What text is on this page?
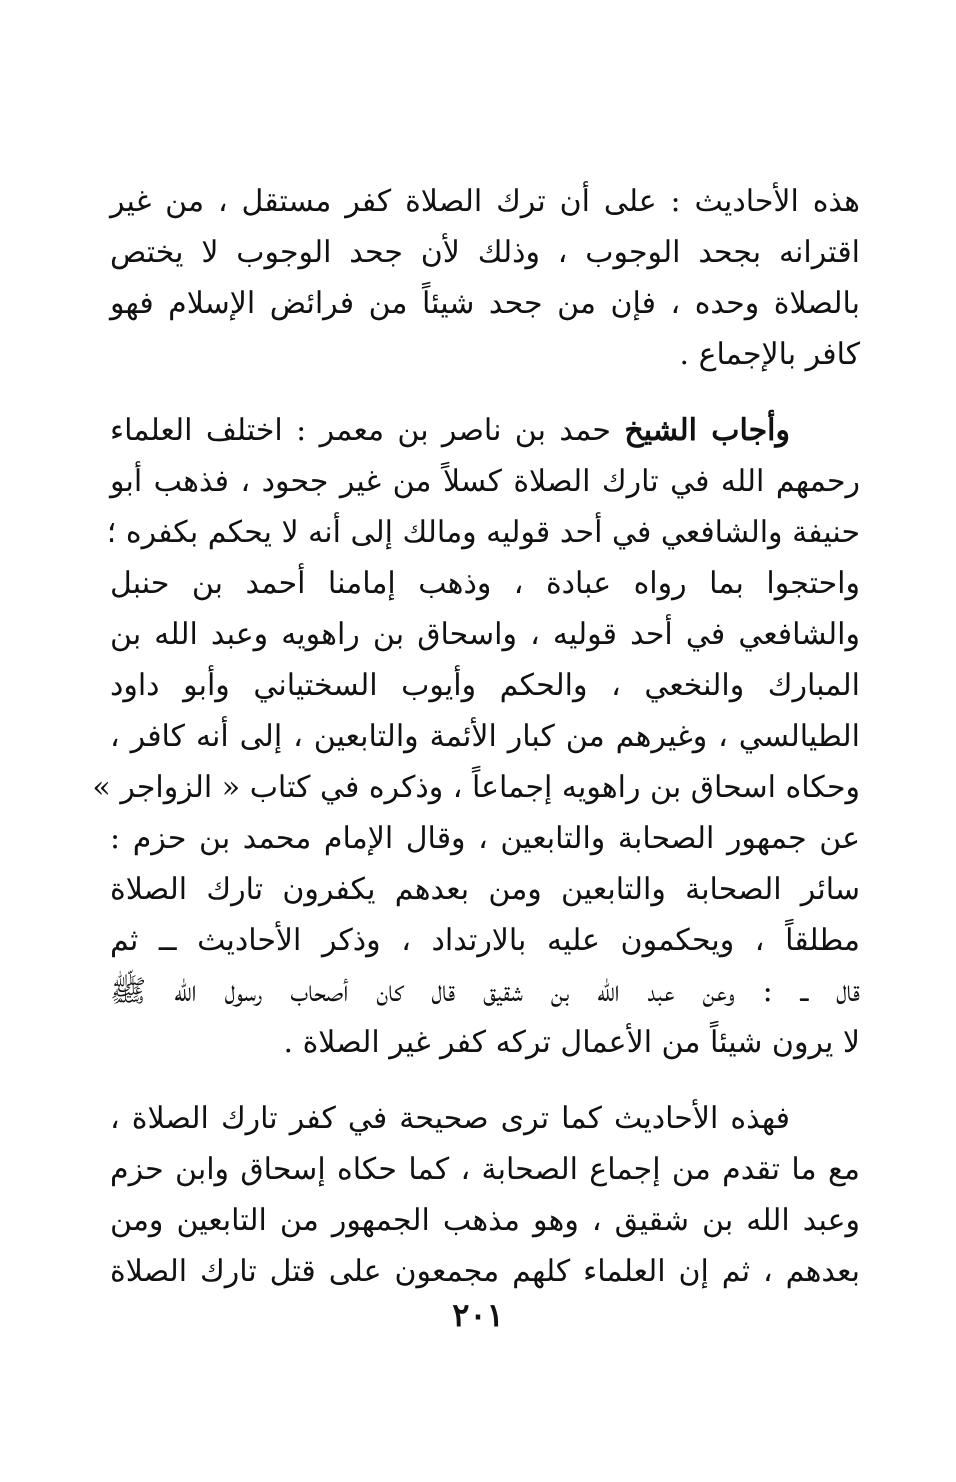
هذه الأحاديث : على أن ترك الصلاة كفر مستقل ، من غير
اقترانه بجحد الوجوب ، وذلك لأن جحد الوجوب لا يختص
بالصلاة وحده ، فإن من جحد شيئاً من فرائض الإسلام فهو
كافر بالإجماع .
وأجاب الشيخ حمد بن ناصر بن معمر : اختلف العلماء
رحمهم الله في تارك الصلاة كسلاً من غير جحود ، فذهب أبو
حنيفة والشافعي في أحد قوليه ومالك إلى أنه لا يحكم بكفره ؛
واحتجوا بما رواه عبادة ، وذهب إمامنا أحمد بن حنبل
والشافعي في أحد قوليه ، واسحاق بن راهويه وعبد الله بن
المبارك والنخعي ، والحكم وأيوب السختياني وأبو داود
الطيالسي ، وغيرهم من كبار الأئمة والتابعين ، إلى أنه كافر ،
وحكاه اسحاق بن راهويه إجماعاً ، وذكره في كتاب « الزواجر »
عن جمهور الصحابة والتابعين ، وقال الإمام محمد بن حزم :
سائر الصحابة والتابعين ومن بعدهم يكفرون تارك الصلاة
مطلقاً ، ويحكمون عليه بالارتداد ، وذكر الأحاديث ــ ثم
قال ــ : وعن عبد الله بن شقيق قال كان أصحاب رسول الله ﷺ
لا يرون شيئاً من الأعمال تركه كفر غير الصلاة .
فهذه الأحاديث كما ترى صحيحة في كفر تارك الصلاة ،
مع ما تقدم من إجماع الصحابة ، كما حكاه إسحاق وابن حزم
وعبد الله بن شقيق ، وهو مذهب الجمهور من التابعين ومن
بعدهم ، ثم إن العلماء كلهم مجمعون على قتل تارك الصلاة
٢٠١
